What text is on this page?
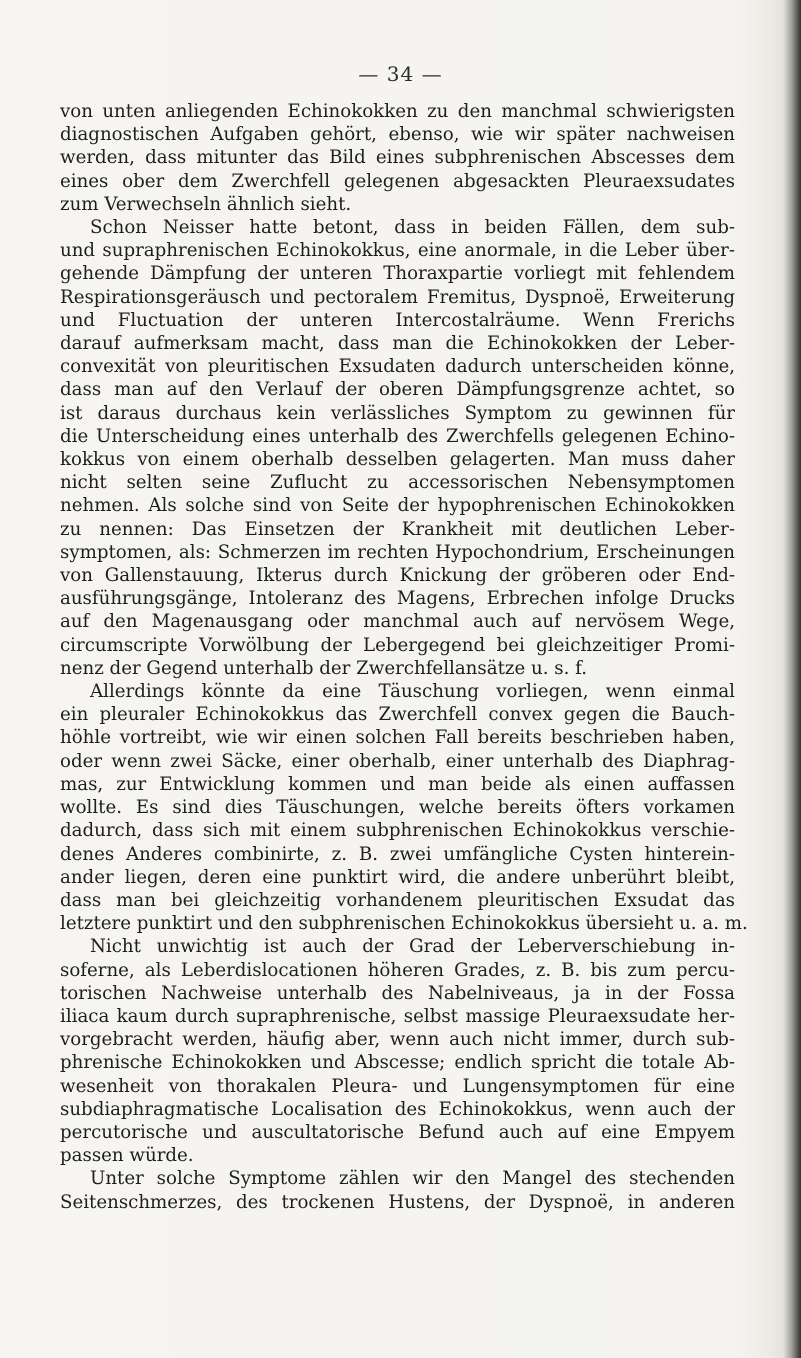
— 34 —
von unten anliegenden Echinokokken zu den manchmal schwierigsten
diagnostischen Aufgaben gehört, ebenso, wie wir später nachweisen
werden, dass mitunter das Bild eines subphrenischen Abscesses dem
eines ober dem Zwerchfell gelegenen abgesackten Pleuraexsudates
zum Verwechseln ähnlich sieht.
Schon Neisser hatte betont, dass in beiden Fällen, dem sub-
und supraphrenischen Echinokokkus, eine anormale, in die Leber über-
gehende Dämpfung der unteren Thoraxpartie vorliegt mit fehlendem
Respirationsgeräusch und pectoralem Fremitus, Dyspnoë, Erweiterung
und Fluctuation der unteren Intercostalräume. Wenn Frerichs
darauf aufmerksam macht, dass man die Echinokokken der Leber-
convexität von pleuritischen Exsudaten dadurch unterscheiden könne,
dass man auf den Verlauf der oberen Dämpfungsgrenze achtet, so
ist daraus durchaus kein verlässliches Symptom zu gewinnen für
die Unterscheidung eines unterhalb des Zwerchfells gelegenen Echino-
kokkus von einem oberhalb desselben gelagerten. Man muss daher
nicht selten seine Zuflucht zu accessorischen Nebensymptomen
nehmen. Als solche sind von Seite der hypophrenischen Echinokokken
zu nennen: Das Einsetzen der Krankheit mit deutlichen Leber-
symptomen, als: Schmerzen im rechten Hypochondrium, Erscheinungen
von Gallenstauung, Ikterus durch Knickung der gröberen oder End-
ausführungsgänge, Intoleranz des Magens, Erbrechen infolge Drucks
auf den Magenausgang oder manchmal auch auf nervösem Wege,
circumscripte Vorwölbung der Lebergegend bei gleichzeitiger Promi-
nenz der Gegend unterhalb der Zwerchfellansätze u. s. f.
Allerdings könnte da eine Täuschung vorliegen, wenn einmal
ein pleuraler Echinokokkus das Zwerchfell convex gegen die Bauch-
höhle vortreibt, wie wir einen solchen Fall bereits beschrieben haben,
oder wenn zwei Säcke, einer oberhalb, einer unterhalb des Diaphrag-
mas, zur Entwicklung kommen und man beide als einen auffassen
wollte. Es sind dies Täuschungen, welche bereits öfters vorkamen
dadurch, dass sich mit einem subphrenischen Echinokokkus verschie-
denes Anderes combinirte, z. B. zwei umfängliche Cysten hinterein-
ander liegen, deren eine punktirt wird, die andere unberührt bleibt,
dass man bei gleichzeitig vorhandenem pleuritischen Exsudat das
letztere punktirt und den subphrenischen Echinokokkus übersieht u. a. m.
Nicht unwichtig ist auch der Grad der Leberverschiebung in-
soferne, als Leberdislocationen höheren Grades, z. B. bis zum percu-
torischen Nachweise unterhalb des Nabelniveaus, ja in der Fossa
iliaca kaum durch supraphrenische, selbst massige Pleuraexsudate her-
vorgebracht werden, häufig aber, wenn auch nicht immer, durch sub-
phrenische Echinokokken und Abscesse; endlich spricht die totale Ab-
wesenheit von thorakalen Pleura- und Lungensymptomen für eine
subdiaphragmatische Localisation des Echinokokkus, wenn auch der
percutorische und auscultatorische Befund auch auf eine Empyem
passen würde.
Unter solche Symptome zählen wir den Mangel des stechenden
Seitenschmerzes, des trockenen Hustens, der Dyspnoë, in anderen
